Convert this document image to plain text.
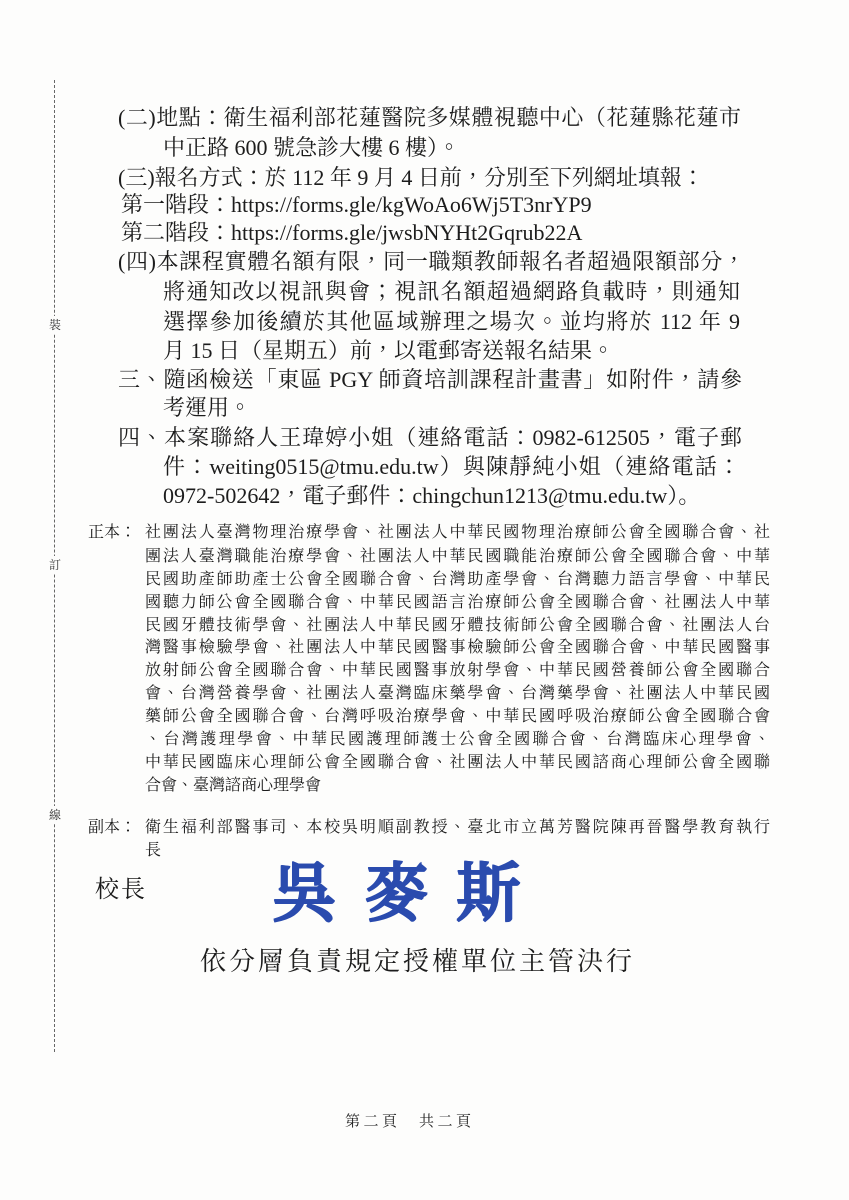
裝
訂
線
(二)地點：衛生福利部花蓮醫院多媒體視聽中心（花蓮縣花蓮市
中正路 600 號急診大樓 6 樓）。
(三)報名方式：於 112 年 9 月 4 日前，分別至下列網址填報：
第一階段：https://forms.gle/kgWoAo6Wj5T3nrYP9
第二階段：https://forms.gle/jwsbNYHt2Gqrub22A
(四)本課程實體名額有限，同一職類教師報名者超過限額部分，
將通知改以視訊與會；視訊名額超過網路負載時，則通知
選擇參加後續於其他區域辦理之場次。並均將於 112 年 9
月 15 日（星期五）前，以電郵寄送報名結果。
三、隨函檢送「東區 PGY 師資培訓課程計畫書」如附件，請參
考運用。
四、本案聯絡人王瑋婷小姐（連絡電話：0982-612505，電子郵
件：weiting0515@tmu.edu.tw）與陳靜純小姐（連絡電話：
0972-502642，電子郵件：chingchun1213@tmu.edu.tw）。
正本： 社團法人臺灣物理治療學會、社團法人中華民國物理治療師公會全國聯合會、社
團法人臺灣職能治療學會、社團法人中華民國職能治療師公會全國聯合會、中華
民國助產師助產士公會全國聯合會、台灣助產學會、台灣聽力語言學會、中華民
國聽力師公會全國聯合會、中華民國語言治療師公會全國聯合會、社團法人中華
民國牙體技術學會、社團法人中華民國牙體技術師公會全國聯合會、社團法人台
灣醫事檢驗學會、社團法人中華民國醫事檢驗師公會全國聯合會、中華民國醫事
放射師公會全國聯合會、中華民國醫事放射學會、中華民國營養師公會全國聯合
會、台灣營養學會、社團法人臺灣臨床藥學會、台灣藥學會、社團法人中華民國
藥師公會全國聯合會、台灣呼吸治療學會、中華民國呼吸治療師公會全國聯合會
、台灣護理學會、中華民國護理師護士公會全國聯合會、台灣臨床心理學會、
中華民國臨床心理師公會全國聯合會、社團法人中華民國諮商心理師公會全國聯
合會、臺灣諮商心理學會
副本： 衛生福利部醫事司、本校吳明順副教授、臺北市立萬芳醫院陳再晉醫學教育執行
長
校長 吳麥斯
依分層負責規定授權單位主管決行
第二頁　共二頁
